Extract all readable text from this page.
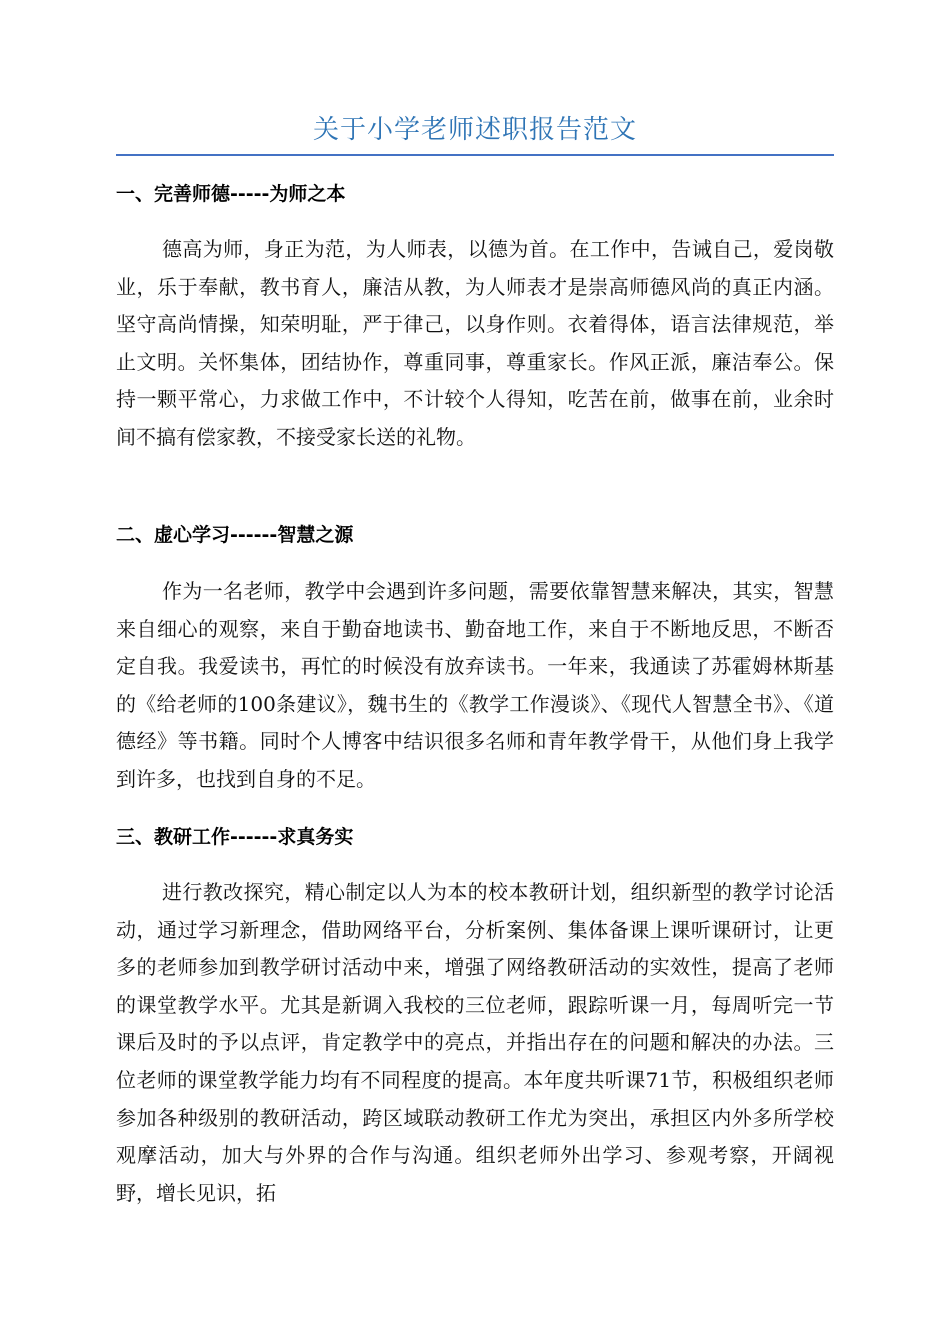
关于小学老师述职报告范文
一、完善师德-----为师之本

德高为师，身正为范，为人师表，以德为首。在工作中，告诫自己，爱岗敬业，乐于奉献，教书育人，廉洁从教，为人师表才是崇高师德风尚的真正内涵。坚守高尚情操，知荣明耻，严于律己，以身作则。衣着得体，语言法律规范，举止文明。关怀集体，团结协作，尊重同事，尊重家长。作风正派，廉洁奉公。保持一颗平常心，力求做工作中，不计较个人得知，吃苦在前，做事在前，业余时间不搞有偿家教，不接受家长送的礼物。

二、虚心学习------智慧之源

作为一名老师，教学中会遇到许多问题，需要依靠智慧来解决，其实，智慧来自细心的观察，来自于勤奋地读书、勤奋地工作，来自于不断地反思，不断否定自我。我爱读书，再忙的时候没有放弃读书。一年来，我通读了苏霍姆林斯基的《给老师的100条建议》，魏书生的《教学工作漫谈》、《现代人智慧全书》、《道德经》等书籍。同时个人博客中结识很多名师和青年教学骨干，从他们身上我学到许多，也找到自身的不足。

三、教研工作------求真务实

进行教改探究，精心制定以人为本的校本教研计划，组织新型的教学讨论活动，通过学习新理念，借助网络平台，分析案例、集体备课上课听课研讨，让更多的老师参加到教学研讨活动中来，增强了网络教研活动的实效性，提高了老师的课堂教学水平。尤其是新调入我校的三位老师，跟踪听课一月，每周听完一节课后及时的予以点评，肯定教学中的亮点，并指出存在的问题和解决的办法。三位老师的课堂教学能力均有不同程度的提高。本年度共听课71节，积极组织老师参加各种级别的教研活动，跨区域联动教研工作尤为突出，承担区内外多所学校观摩活动，加大与外界的合作与沟通。组织老师外出学习、参观考察，开阔视野，增长见识，拓
